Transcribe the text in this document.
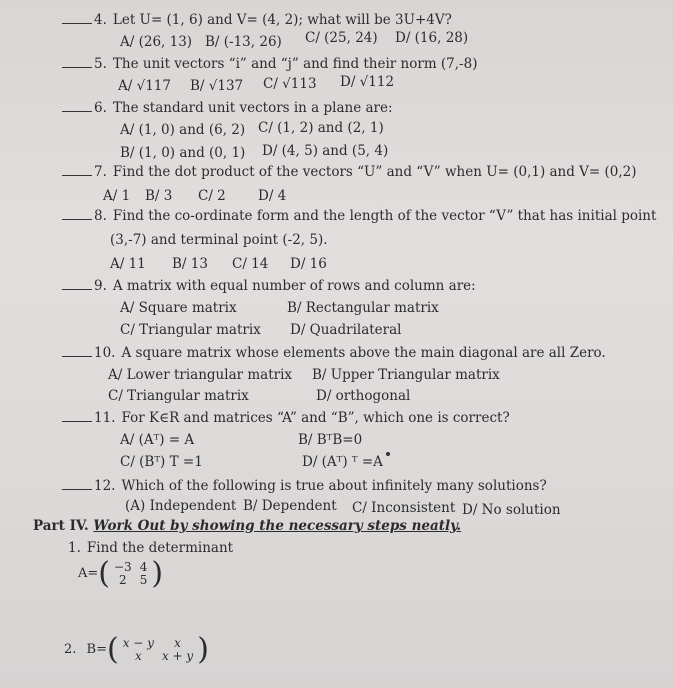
4. Let U= (1, 6) and V= (4, 2); what will be 3U+4V?
A/ (26, 13) B/ (-13, 26) C/ (25, 24) D/ (16, 28)
5. The unit vectors “i” and “j” and find their norm (7,-8)
A/ √117 B/ √137 C/ √113 D/ √112
6. The standard unit vectors in a plane are:
A/ (1, 0) and (6, 2) C/ (1, 2) and (2, 1)
B/ (1, 0) and (0, 1) D/ (4, 5) and (5, 4)
7. Find the dot product of the vectors “U” and “V” when U= (0,1) and V= (0,2)
A/ 1 B/ 3 C/ 2 D/ 4
8. Find the co-ordinate form and the length of the vector “V” that has initial point
(3,-7) and terminal point (-2, 5).
A/ 11 B/ 13 C/ 14 D/ 16
9. A matrix with equal number of rows and column are:
A/ Square matrix	B/ Rectangular matrix
C/ Triangular matrix D/ Quadrilateral
10. A square matrix whose elements above the main diagonal are all Zero.
A/ Lower triangular matrix B/ Upper Triangular matrix
C/ Triangular matrix	D/ orthogonal
11. For K∈R and matrices “A” and “B”, which one is correct?
A/ (Aᵀ) = A	B/ BᵀB=0
C/ (Bᵀ) T =1	D/ (Aᵀ) ᵀ =A
12. Which of the following is true about infinitely many solutions?
(A) Independent B/ Dependent C/ Inconsistent D/ No solution
Part IV. Work Out by showing the necessary steps neatly.
1. Find the determinant
A=( −3	4
2	5 )
2. B=( x − y	x
x	x + y )
